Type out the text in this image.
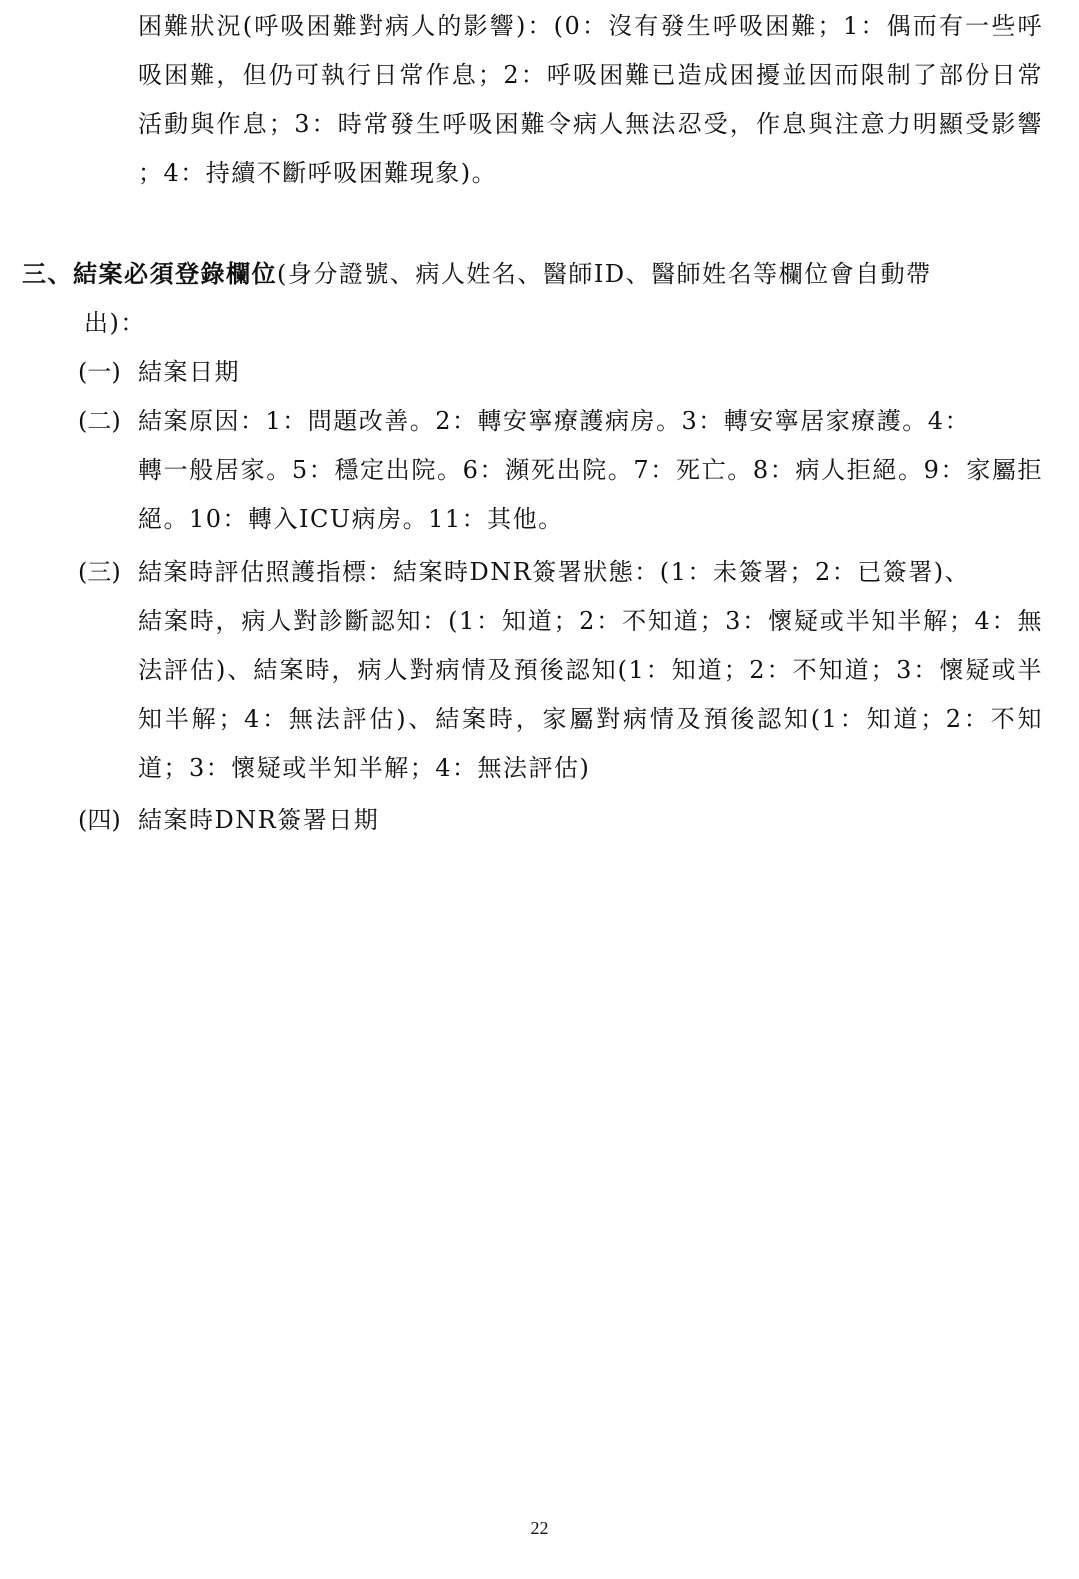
困難狀況(呼吸困難對病人的影響)：(0：沒有發生呼吸困難；1：偶而有一些呼吸困難，但仍可執行日常作息；2：呼吸困難已造成困擾並因而限制了部份日常活動與作息；3：時常發生呼吸困難令病人無法忍受，作息與注意力明顯受影響 ；4：持續不斷呼吸困難現象)。

三、結案必須登錄欄位(身分證號、病人姓名、醫師ID、醫師姓名等欄位會自動帶
出)：

(一) 結案日期

(二) 結案原因：1：問題改善。2：轉安寧療護病房。3：轉安寧居家療護。4：
轉一般居家。5：穩定出院。6：瀕死出院。7：死亡。8：病人拒絕。9：家屬拒絕。10：轉入ICU病房。11：其他。

(三) 結案時評估照護指標：結案時DNR簽署狀態：(1：未簽署；2：已簽署)、
結案時，病人對診斷認知：(1：知道；2：不知道；3：懷疑或半知半解；4：無法評估)、結案時，病人對病情及預後認知(1：知道；2：不知道；3：懷疑或半知半解；4：無法評估)、結案時，家屬對病情及預後認知(1：知道；2：不知道；3：懷疑或半知半解；4：無法評估)

(四) 結案時DNR簽署日期

22
